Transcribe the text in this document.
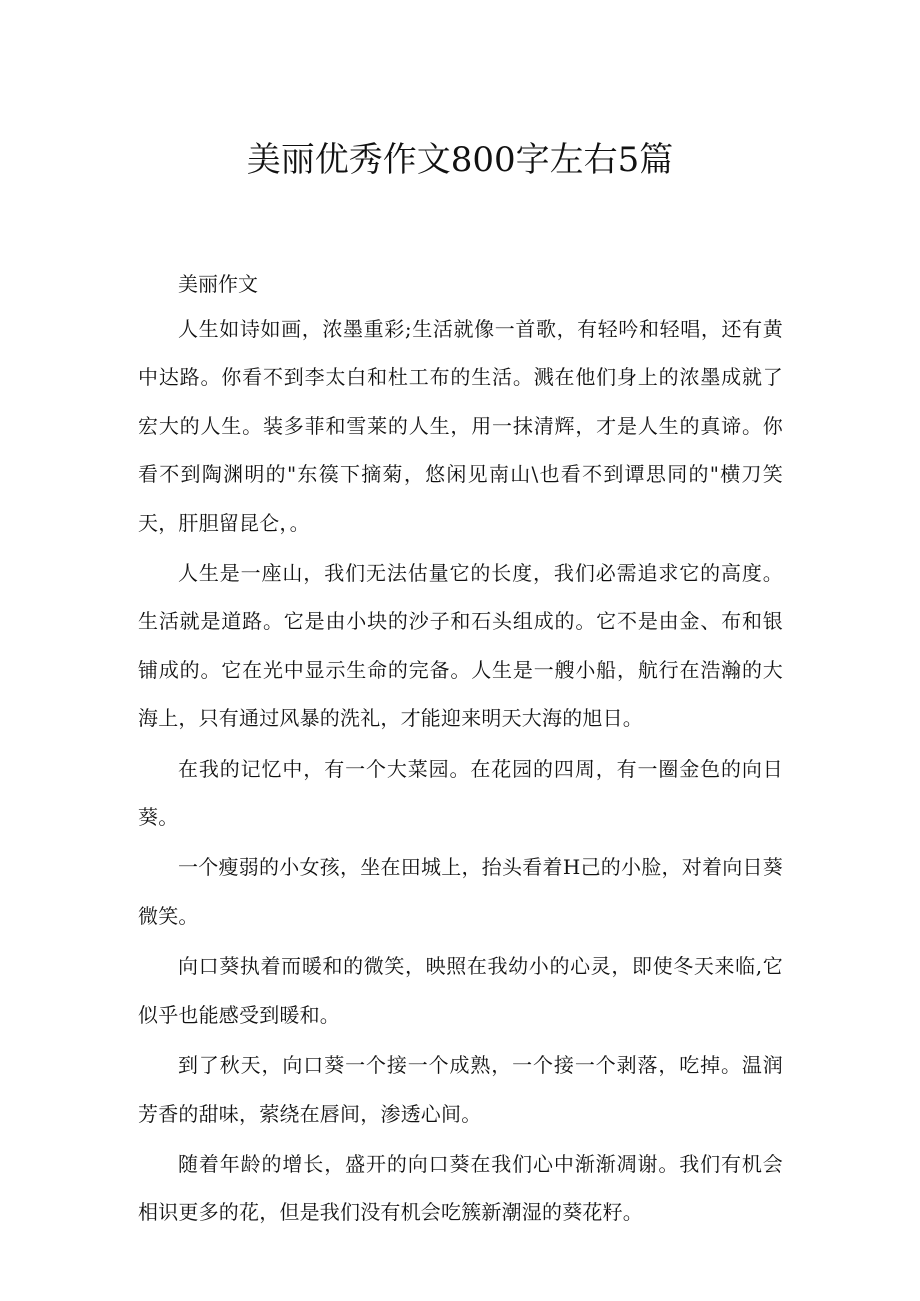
美丽优秀作文800字左右5篇

美丽作文

人生如诗如画，浓墨重彩;生活就像一首歌，有轻吟和轻唱，还有黄中达路。你看不到李太白和杜工布的生活。溅在他们身上的浓墨成就了宏大的人生。装多菲和雪莱的人生，用一抹清辉，才是人生的真谛。你看不到陶渊明的"东篌下摘菊，悠闲见南山\也看不到谭思同的"横刀笑天，肝胆留昆仑，。

人生是一座山，我们无法估量它的长度，我们必需追求它的高度。生活就是道路。它是由小块的沙子和石头组成的。它不是由金、布和银铺成的。它在光中显示生命的完备。人生是一艘小船，航行在浩瀚的大海上，只有通过风暴的洗礼，才能迎来明天大海的旭日。

在我的记忆中，有一个大菜园。在花园的四周，有一圈金色的向日葵。

一个瘦弱的小女孩，坐在田城上，抬头看着H己的小脸，对着向日葵微笑。

向口葵执着而暖和的微笑，映照在我幼小的心灵，即使冬天来临,它似乎也能感受到暖和。

到了秋天，向口葵一个接一个成熟，一个接一个剥落，吃掉。温润芳香的甜味，萦绕在唇间，渗透心间。

随着年龄的增长，盛开的向口葵在我们心中渐渐凋谢。我们有机会相识更多的花，但是我们没有机会吃簇新潮湿的葵花籽。
